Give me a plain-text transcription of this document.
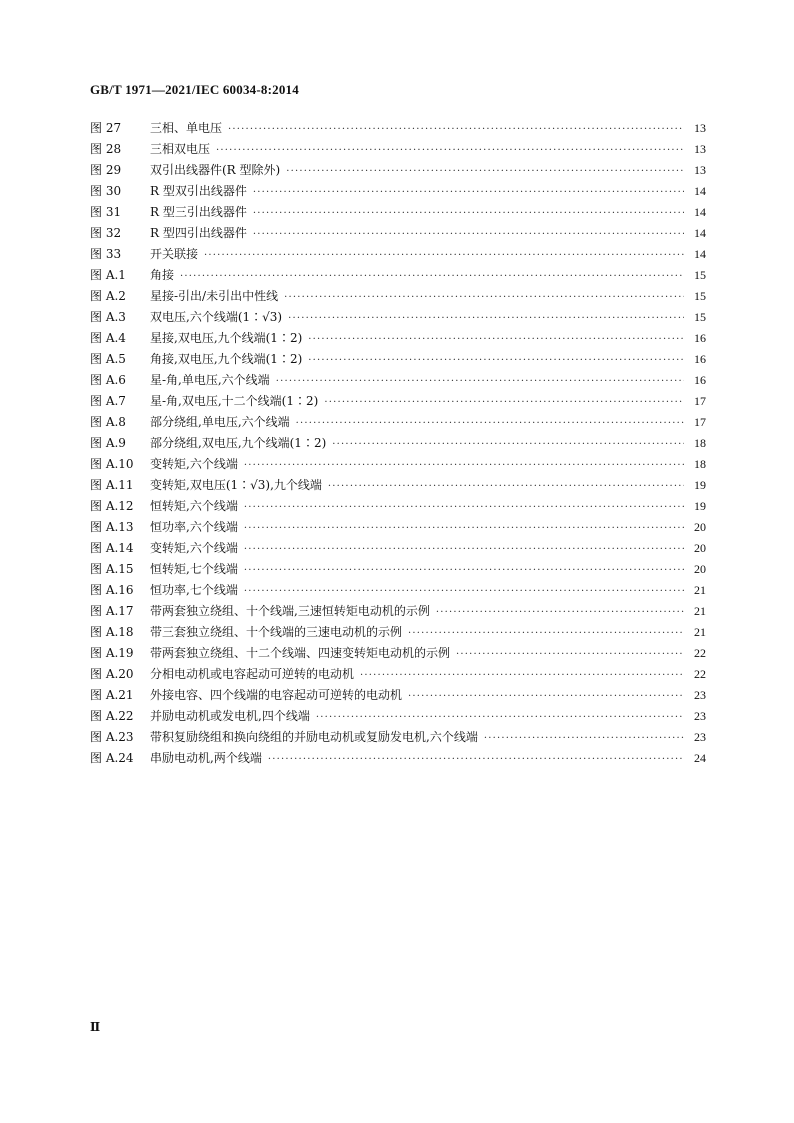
GB/T 1971—2021/IEC 60034-8:2014
图 27	三相、单电压 ·····	13
图 28	三相双电压 ·····	13
图 29	双引出线器件(R 型除外) ·····	13
图 30	R 型双引出线器件 ·····	14
图 31	R 型三引出线器件 ·····	14
图 32	R 型四引出线器件 ·····	14
图 33	开关联接 ·····	14
图 A.1	角接 ·····	15
图 A.2	星接-引出/未引出中性线 ·····	15
图 A.3	双电压,六个线端(1∶√3) ·····	15
图 A.4	星接,双电压,九个线端(1∶2) ·····	16
图 A.5	角接,双电压,九个线端(1∶2) ·····	16
图 A.6	星-角,单电压,六个线端 ·····	16
图 A.7	星-角,双电压,十二个线端(1∶2) ·····	17
图 A.8	部分绕组,单电压,六个线端 ·····	17
图 A.9	部分绕组,双电压,九个线端(1∶2) ·····	18
图 A.10	变转矩,六个线端 ·····	18
图 A.11	变转矩,双电压(1∶√3),九个线端 ·····	19
图 A.12	恒转矩,六个线端 ·····	19
图 A.13	恒功率,六个线端 ·····	20
图 A.14	变转矩,六个线端 ·····	20
图 A.15	恒转矩,七个线端 ·····	20
图 A.16	恒功率,七个线端 ·····	21
图 A.17	带两套独立绕组、十个线端,三速恒转矩电动机的示例 ·····	21
图 A.18	带三套独立绕组、十个线端的三速电动机的示例 ·····	21
图 A.19	带两套独立绕组、十二个线端、四速变转矩电动机的示例 ·····	22
图 A.20	分相电动机或电容起动可逆转的电动机 ·····	22
图 A.21	外接电容、四个线端的电容起动可逆转的电动机 ·····	23
图 A.22	并励电动机或发电机,四个线端 ·····	23
图 A.23	带积复励绕组和换向绕组的并励电动机或复励发电机,六个线端 ·····	23
图 A.24	串励电动机,两个线端 ·····	24
Ⅱ
